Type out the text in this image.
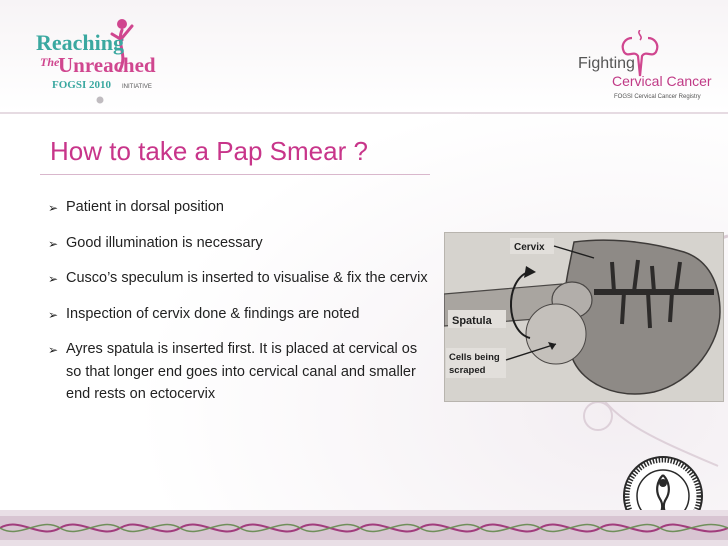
Reaching
The
Unreached
FOGSI 2010 INITIATIVE
Fighting
Cervical Cancer
FOGSI Cervical Cancer Registry
How to take a Pap Smear ?
➢ Patient in dorsal position
➢ Good illumination is necessary
➢ Cusco’s speculum is inserted to visualise & fix the cervix
➢ Inspection of cervix done & findings are noted
➢ Ayres spatula is inserted first. It is placed at cervical os so that longer end goes into cervical canal and smaller end rests on ectocervix
Cervix
Spatula
Cells being
scraped
